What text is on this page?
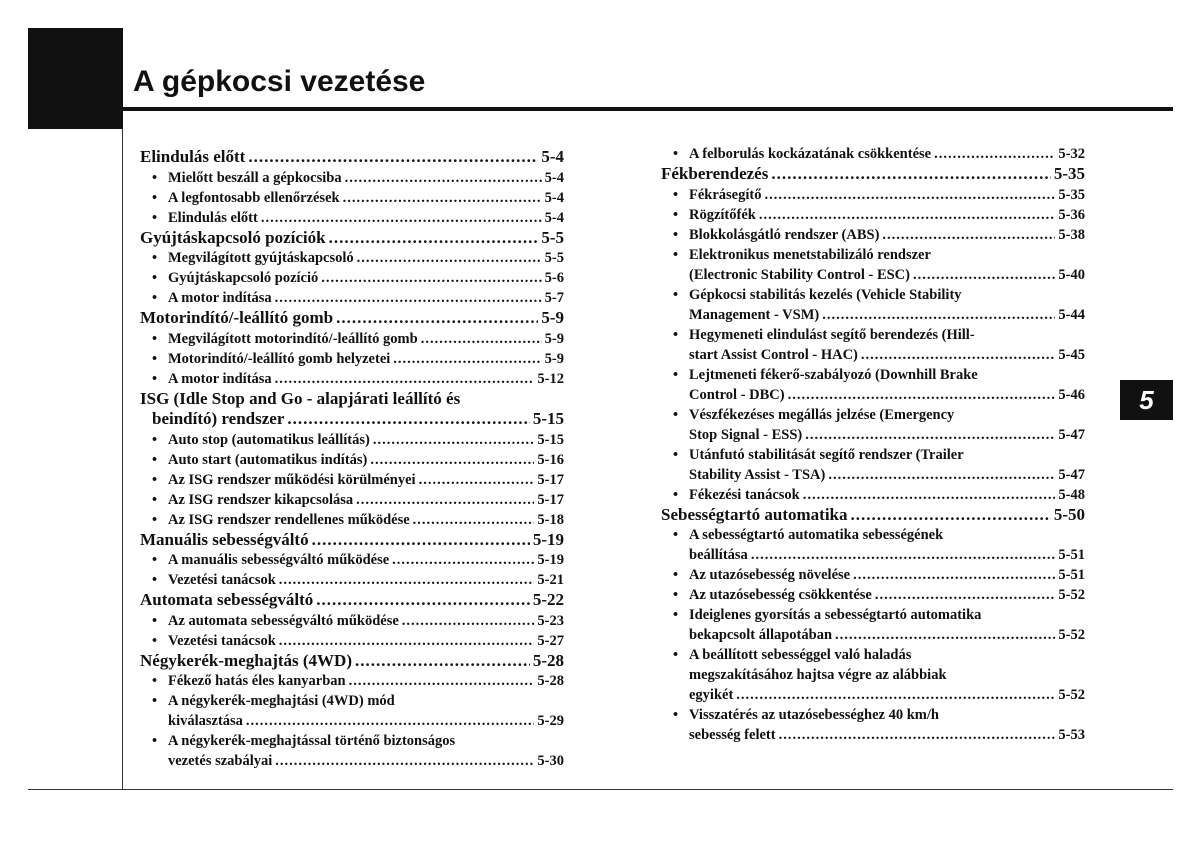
A gépkocsi vezetése
5
Elindulás előtt .....	5-4
• Mielőtt beszáll a gépkocsiba .....	5-4
• A legfontosabb ellenőrzések .....	5-4
• Elindulás előtt .....	5-4
Gyújtáskapcsoló pozíciók .....	5-5
• Megvilágított gyújtáskapcsoló .....	5-5
• Gyújtáskapcsoló pozíció .....	5-6
• A motor indítása .....	5-7
Motorindító/-leállító gomb .....	5-9
• Megvilágított motorindító/-leállító gomb .....	5-9
• Motorindító/-leállító gomb helyzetei .....	5-9
• A motor indítása .....	5-12
ISG (Idle Stop and Go - alapjárati leállító és
beindító) rendszer .....	5-15
• Auto stop (automatikus leállítás) .....	5-15
• Auto start (automatikus indítás) .....	5-16
• Az ISG rendszer működési körülményei .....	5-17
• Az ISG rendszer kikapcsolása .....	5-17
• Az ISG rendszer rendellenes működése .....	5-18
Manuális sebességváltó .....	5-19
• A manuális sebességváltó működése .....	5-19
• Vezetési tanácsok .....	5-21
Automata sebességváltó .....	5-22
• Az automata sebességváltó működése .....	5-23
• Vezetési tanácsok .....	5-27
Négykerék-meghajtás (4WD) .....	5-28
• Fékező hatás éles kanyarban .....	5-28
• A négykerék-meghajtási (4WD) mód
kiválasztása .....	5-29
• A négykerék-meghajtással történő biztonságos
vezetés szabályai .....	5-30
• A felborulás kockázatának csökkentése .....	5-32
Fékberendezés .....	5-35
• Fékrásegítő .....	5-35
• Rögzítőfék .....	5-36
• Blokkolásgátló rendszer (ABS) .....	5-38
• Elektronikus menetstabilizáló rendszer
(Electronic Stability Control - ESC) .....	5-40
• Gépkocsi stabilitás kezelés (Vehicle Stability
Management - VSM) .....	5-44
• Hegymeneti elindulást segítő berendezés (Hill-
start Assist Control - HAC) .....	5-45
• Lejtmeneti fékerő-szabályozó (Downhill Brake
Control - DBC) .....	5-46
• Vészfékezéses megállás jelzése (Emergency
Stop Signal - ESS) .....	5-47
• Utánfutó stabilitását segítő rendszer (Trailer
Stability Assist - TSA) .....	5-47
• Fékezési tanácsok .....	5-48
Sebességtartó automatika .....	5-50
• A sebességtartó automatika sebességének
beállítása .....	5-51
• Az utazósebesség növelése .....	5-51
• Az utazósebesség csökkentése .....	5-52
• Ideiglenes gyorsítás a sebességtartó automatika
bekapcsolt állapotában .....	5-52
• A beállított sebességgel való haladás
megszakításához hajtsa végre az alábbiak
egyikét .....	5-52
• Visszatérés az utazósebességhez 40 km/h
sebesség felett .....	5-53
